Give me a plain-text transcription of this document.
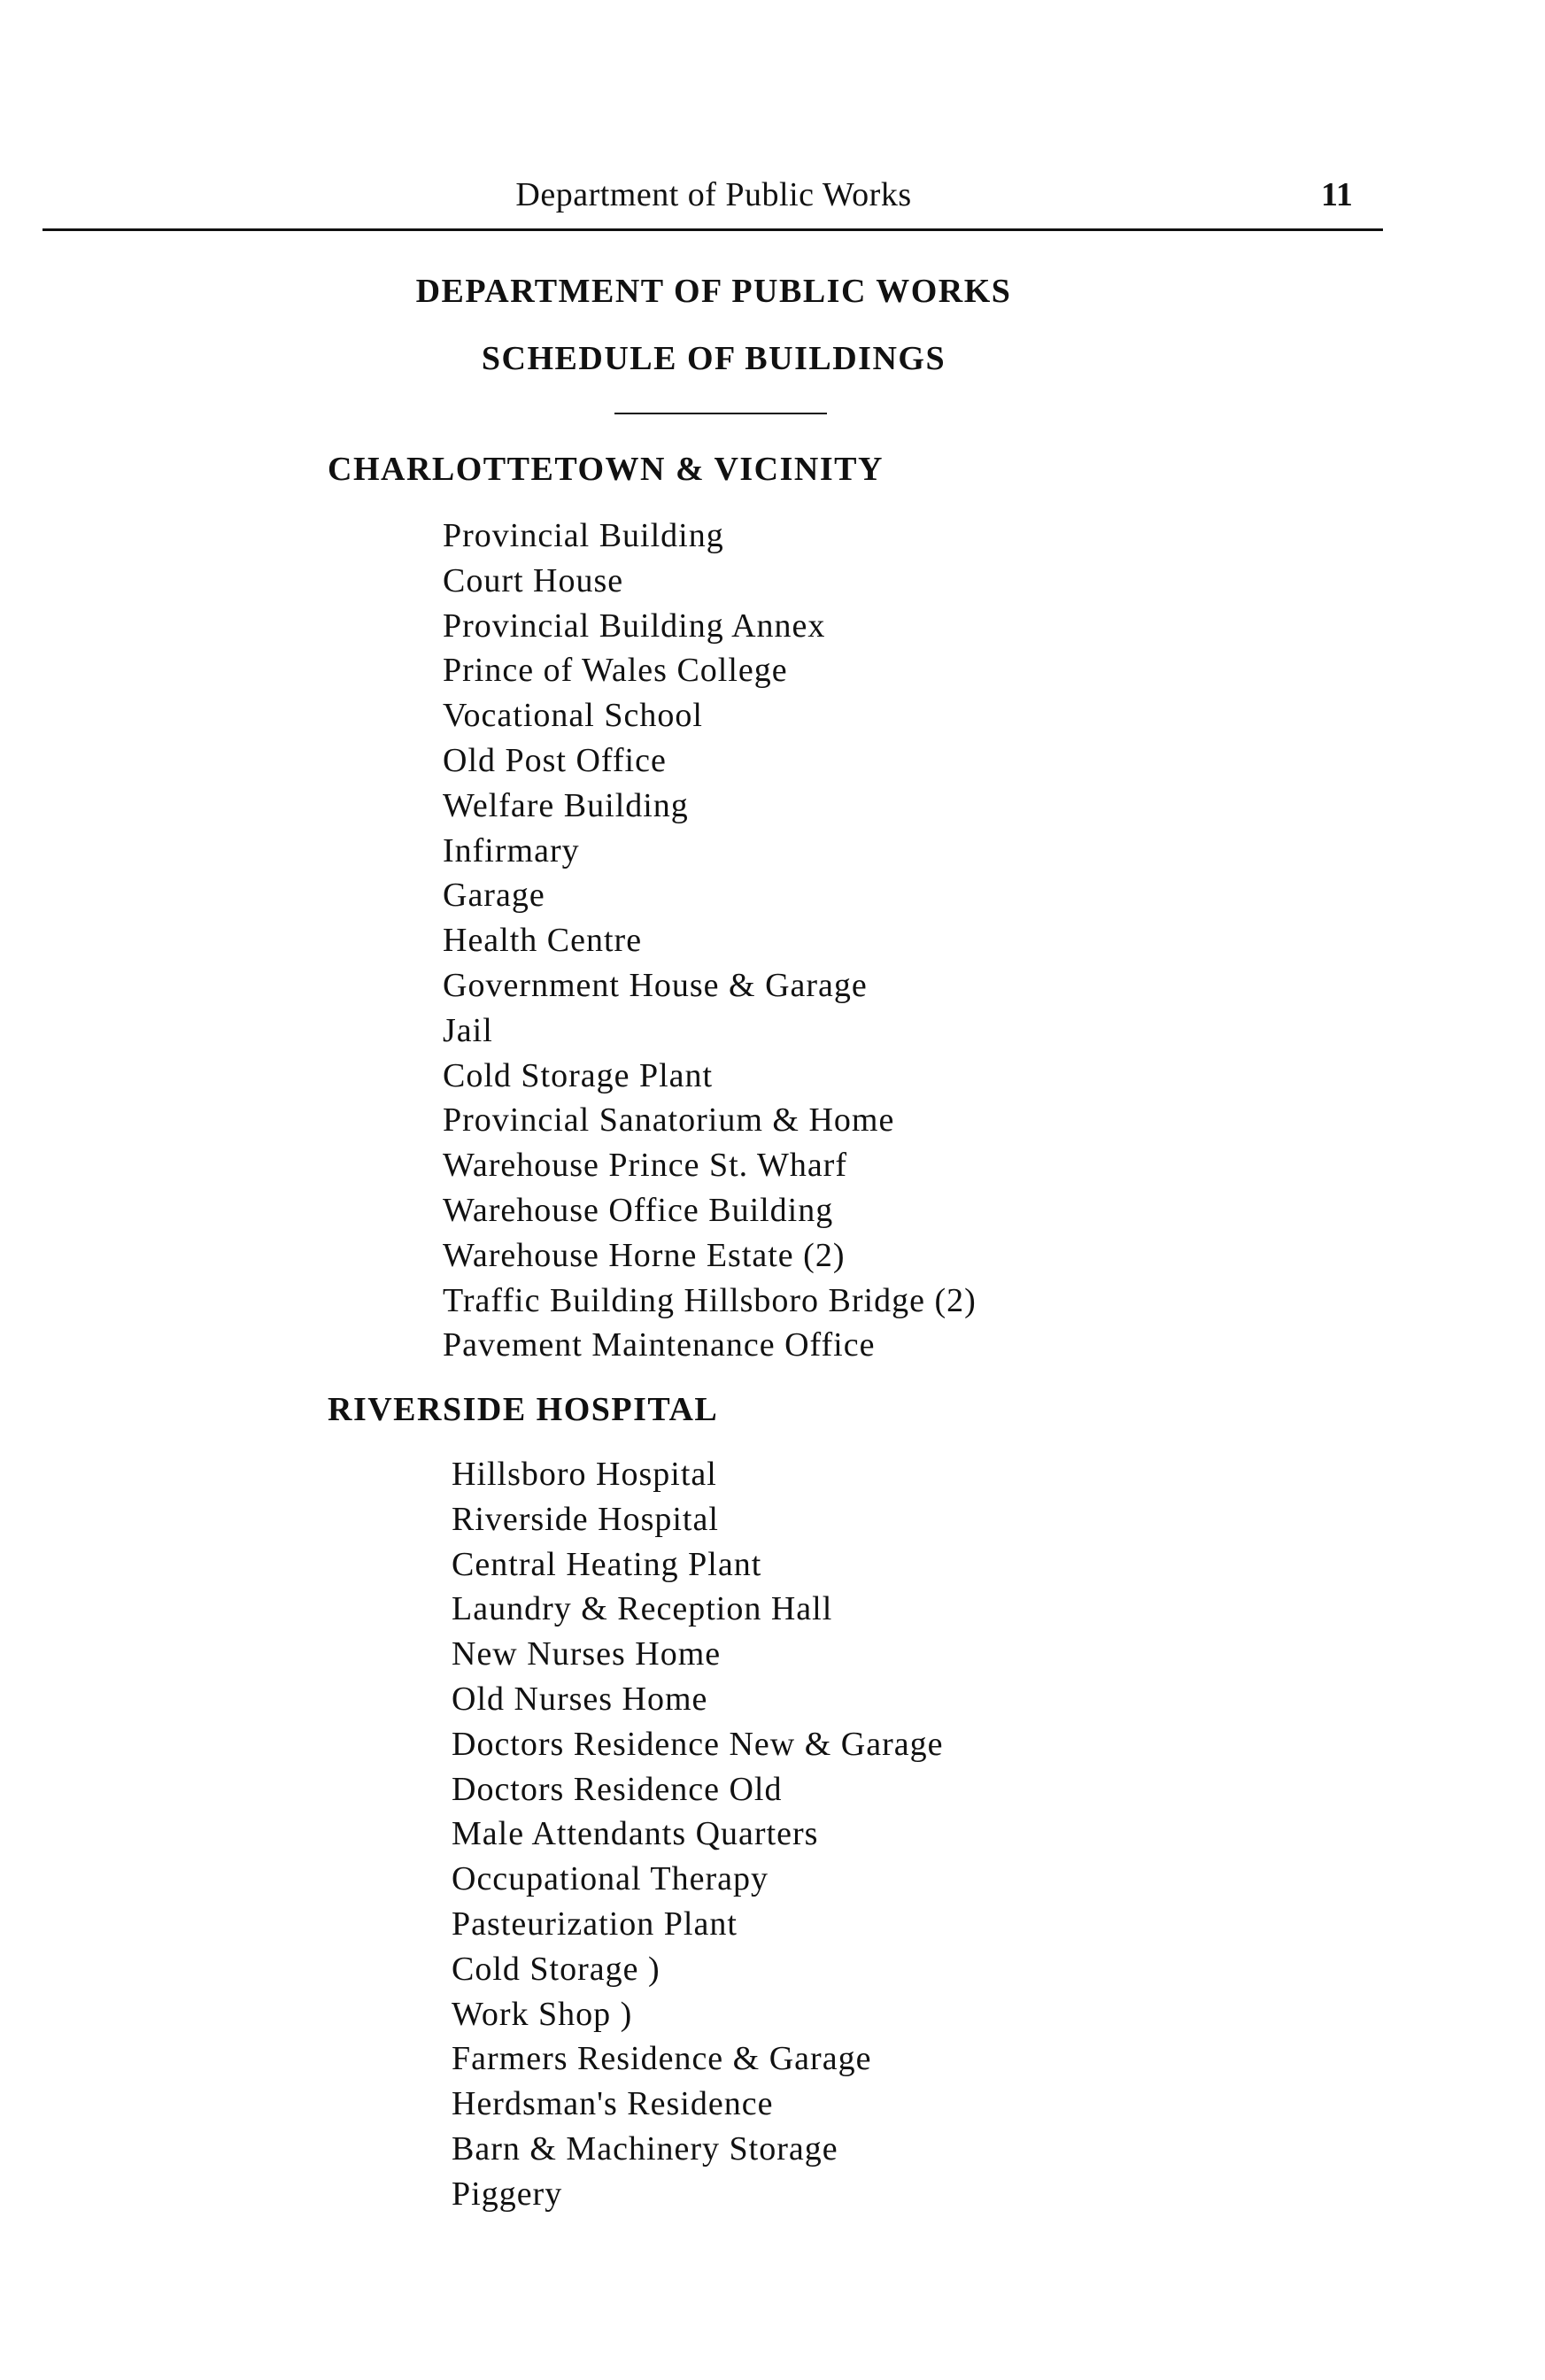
Department of Public Works	11
DEPARTMENT OF PUBLIC WORKS
SCHEDULE OF BUILDINGS
CHARLOTTETOWN & VICINITY
Provincial Building
Court House
Provincial Building Annex
Prince of Wales College
Vocational School
Old Post Office
Welfare Building
Infirmary
Garage
Health Centre
Government House & Garage
Jail
Cold Storage Plant
Provincial Sanatorium & Home
Warehouse Prince St. Wharf
Warehouse Office Building
Warehouse Horne Estate (2)
Traffic Building Hillsboro Bridge (2)
Pavement Maintenance Office
RIVERSIDE HOSPITAL
Hillsboro Hospital
Riverside Hospital
Central Heating Plant
Laundry & Reception Hall
New Nurses Home
Old Nurses Home
Doctors Residence New & Garage
Doctors Residence Old
Male Attendants Quarters
Occupational Therapy
Pasteurization Plant
Cold Storage )
Work Shop )
Farmers Residence & Garage
Herdsman's Residence
Barn & Machinery Storage
Piggery
